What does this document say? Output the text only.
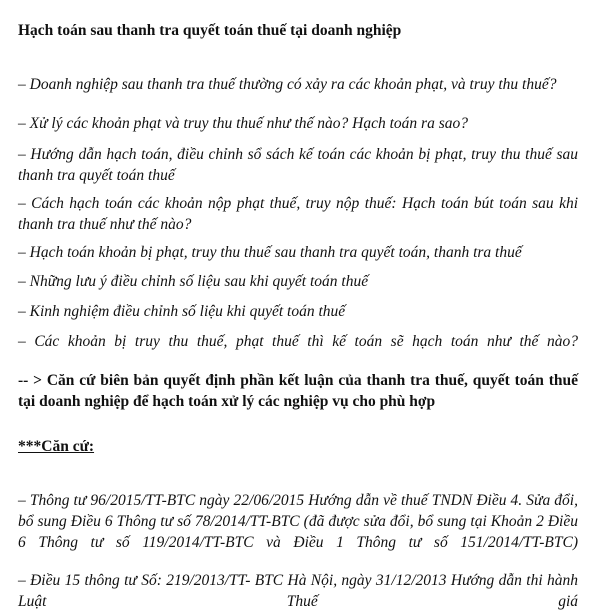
Hạch toán sau thanh tra quyết toán thuế tại doanh nghiệp
– Doanh nghiệp sau thanh tra thuế thường có xảy ra các khoản phạt, và truy thu thuế?
– Xử lý các khoản phạt và truy thu thuế như thế nào? Hạch toán ra sao?
– Hướng dẫn hạch toán, điều chỉnh sổ sách kế toán các khoản bị phạt, truy thu thuế sau thanh tra quyết toán thuế
– Cách hạch toán các khoản nộp phạt thuế, truy nộp thuế: Hạch toán bút toán sau khi thanh tra thuế như thế nào?
– Hạch toán khoản bị phạt, truy thu thuế sau thanh tra quyết toán, thanh tra thuế
– Những lưu ý điều chỉnh số liệu sau khi quyết toán thuế
– Kinh nghiệm điều chỉnh số liệu khi quyết toán thuế
– Các khoản bị truy thu thuế, phạt thuế thì kế toán sẽ hạch toán như thế nào?
-- > Căn cứ biên bản quyết định phần kết luận của thanh tra thuế, quyết toán thuế tại doanh nghiệp để hạch toán xử lý các nghiệp vụ cho phù hợp
***Căn cứ:
– Thông tư 96/2015/TT-BTC ngày 22/06/2015 Hướng dẫn về thuế TNDN Điều 4. Sửa đổi, bổ sung Điều 6 Thông tư số 78/2014/TT-BTC (đã được sửa đổi, bổ sung tại Khoản 2 Điều 6 Thông tư số 119/2014/TT-BTC và Điều 1 Thông tư số 151/2014/TT-BTC)
– Điều 15 thông tư Số: 219/2013/TT- BTC Hà Nội, ngày 31/12/2013 Hướng dẫn thi hành Luật Thuế giá
